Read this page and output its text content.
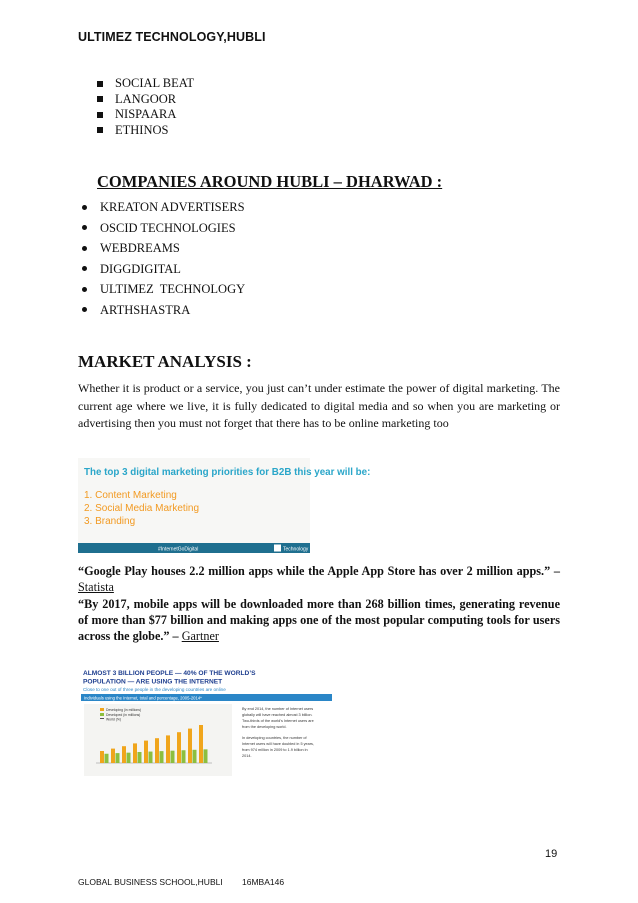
ULTIMEZ TECHNOLOGY,HUBLI
SOCIAL BEAT
LANGOOR
NISPAARA
ETHINOS
COMPANIES AROUND HUBLI – DHARWAD :
KREATON ADVERTISERS
OSCID TECHNOLOGIES
WEBDREAMS
DIGGDIGITAL
ULTIMEZ  TECHNOLOGY
ARTHSHASTRA
MARKET ANALYSIS :
Whether it is product or a service, you just can’t under estimate the power of digital marketing. The current age where we live, it is fully dedicated to digital media and so when you are marketing or advertising then you must not forget that there has to be online marketing too
The top 3 digital marketing priorities for B2B this year will be:
1. Content Marketing
2. Social Media Marketing
3. Branding
#InternetGoDigital	Technology
“Google Play houses 2.2 million apps while the Apple App Store has over 2 million apps.” – Statista
“By 2017, mobile apps will be downloaded more than 268 billion times, generating revenue of more than $77 billion and making apps one of the most popular computing tools for users across the globe.” – Gartner
ALMOST 3 BILLION PEOPLE — 40% OF THE WORLD’S
POPULATION — ARE USING THE INTERNET
Close to one out of three people in the developing countries are online
Individuals using the Internet, total and percentage, 2005-2014*
Developing (in millions)
Developed (in millions)
World (%)
By end 2014, the number of Internet users globally will have reached almost 3 billion. Two-thirds of the world’s Internet users are from the developing world.
In developing countries, the number of Internet users will have doubled in 5 years, from 974 million in 2009 to 1.9 billion in 2014.
19
GLOBAL BUSINESS SCHOOL,HUBLI 16MBA146
